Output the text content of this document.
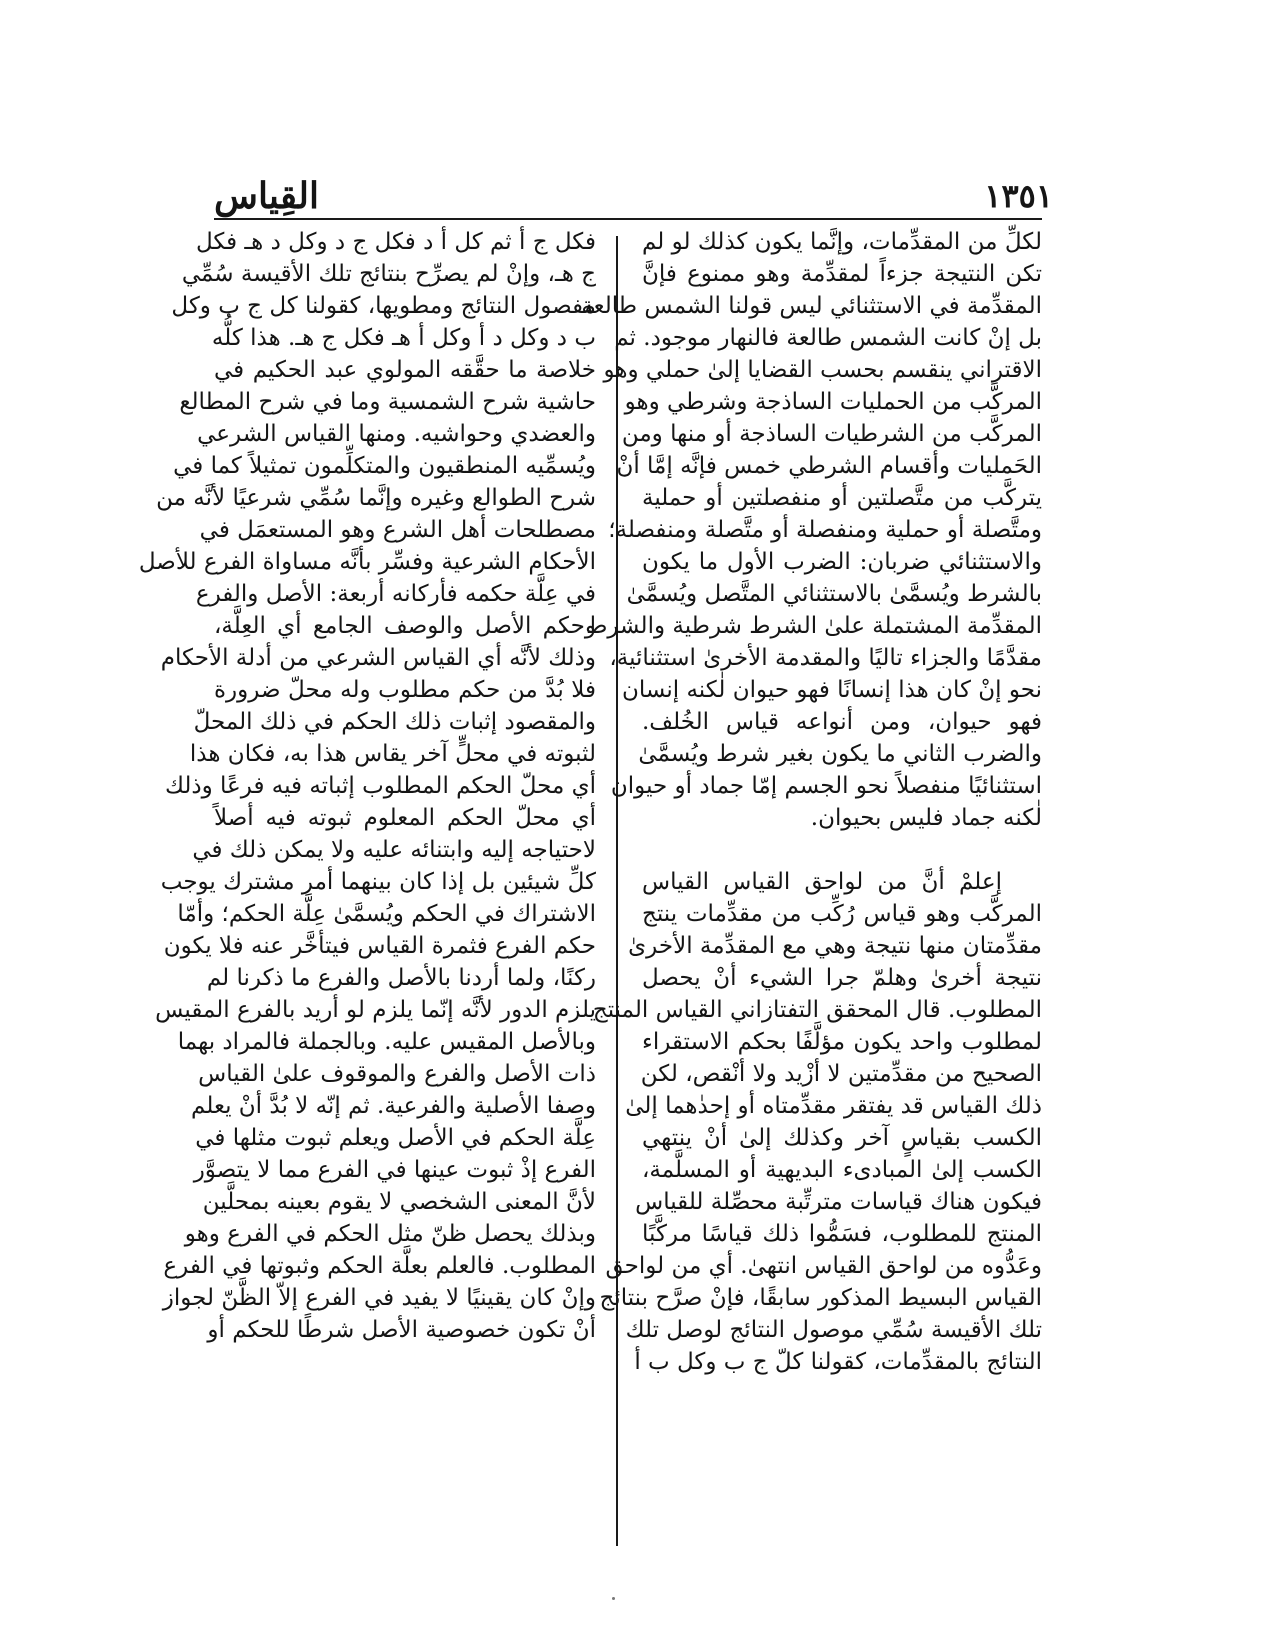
القِياس	١٣٥١
لكلِّ من المقدِّمات، وإنَّما يكون كذلك لو لم
تكن النتيجة جزءاً لمقدِّمة وهو ممنوع فإنَّ
المقدِّمة في الاستثنائي ليس قولنا الشمس طالعة
بل إنْ كانت الشمس طالعة فالنهار موجود. ثم
الاقتراني ينقسم بحسب القضايا إلىٰ حملي وهو
المركَّب من الحمليات الساذجة وشرطي وهو
المركَّب من الشرطيات الساذجة أو منها ومن
الحَمليات وأقسام الشرطي خمس فإنَّه إمَّا أنْ
يتركَّب من متَّصلتين أو منفصلتين أو حملية
ومتَّصلة أو حملية ومنفصلة أو متَّصلة ومنفصلة؛
والاستثنائي ضربان: الضرب الأول ما يكون
بالشرط ويُسمَّىٰ بالاستثنائي المتَّصل ويُسمَّىٰ
المقدِّمة المشتملة علىٰ الشرط شرطية والشرط
مقدَّمًا والجزاء تاليًا والمقدمة الأخرىٰ استثنائية،
نحو إنْ كان هذا إنسانًا فهو حيوان لٰكنه إنسان
فهو حيوان، ومن أنواعه قياس الخُلف.
والضرب الثاني ما يكون بغير شرط ويُسمَّىٰ
استثنائيًا منفصلاً نحو الجسم إمّا جماد أو حيوان
لٰكنه جماد فليس بحيوان.
إعلمْ أنَّ من لواحق القياس القياس
المركَّب وهو قياس رُكِّب من مقدِّمات ينتج
مقدِّمتان منها نتيجة وهي مع المقدِّمة الأخرىٰ
نتيجة أخرىٰ وهلمّ جرا الشيء أنْ يحصل
المطلوب. قال المحقق التفتازاني القياس المنتج
لمطلوب واحد يكون مؤلَّفًا بحكم الاستقراء
الصحيح من مقدِّمتين لا أزْيد ولا أنْقص، لكن
ذلك القياس قد يفتقر مقدِّمتاه أو إحدٰهما إلىٰ
الكسب بقياسٍ آخر وكذلك إلىٰ أنْ ينتهي
الكسب إلىٰ المبادىء البديهية أو المسلَّمة،
فيكون هناك قياسات مترتِّبة محصِّلة للقياس
المنتج للمطلوب، فسَمُّوا ذلك قياسًا مركَّبًا
وعَدُّوه من لواحق القياس انتهىٰ. أي من لواحق
القياس البسيط المذكور سابقًا، فإنْ صرَّح بنتائج
تلك الأقيسة سُمِّي موصول النتائج لوصل تلك
النتائج بالمقدِّمات، كقولنا كلّ ج ب وكل ب أ
فكل ج أ ثم كل أ د فكل ج د وكل د هـ فكل
ج هـ، وإنْ لم يصرِّح بنتائج تلك الأقيسة سُمِّي
مفصول النتائج ومطويها، كقولنا كل ج ب وكل
ب د وكل د أ وكل أ هـ فكل ج هـ. هذا كلُّه
خلاصة ما حقَّقه المولوي عبد الحكيم في
حاشية شرح الشمسية وما في شرح المطالع
والعضدي وحواشيه. ومنها القياس الشرعي
ويُسمِّيه المنطقيون والمتكلِّمون تمثيلاً كما في
شرح الطوالع وغيره وإنَّما سُمِّي شرعيًا لأنَّه من
مصطلحات أهل الشرع وهو المستعمَل في
الأحكام الشرعية وفسِّر بأنَّه مساواة الفرع للأصل
في عِلَّة حكمه فأركانه أربعة: الأصل والفرع
وحكم الأصل والوصف الجامع أي العِلَّة،
وذلك لأنَّه أي القياس الشرعي من أدلة الأحكام
فلا بُدَّ من حكم مطلوب وله محلّ ضرورة
والمقصود إثبات ذلك الحكم في ذلك المحلّ
لثبوته في محلٍّ آخر يقاس هذا به، فكان هذا
أي محلّ الحكم المطلوب إثباته فيه فرعًا وذلك
أي محلّ الحكم المعلوم ثبوته فيه أصلاً
لاحتياجه إليه وابتنائه عليه ولا يمكن ذلك في
كلِّ شيئين بل إذا كان بينهما أمر مشترك يوجب
الاشتراك في الحكم ويُسمَّىٰ عِلَّة الحكم؛ وأمّا
حكم الفرع فثمرة القياس فيتأخَّر عنه فلا يكون
ركنًا، ولما أردنا بالأصل والفرع ما ذكرنا لم
يلزم الدور لأنَّه إنّما يلزم لو أريد بالفرع المقيس
وبالأصل المقيس عليه. وبالجملة فالمراد بهما
ذات الأصل والفرع والموقوف علىٰ القياس
وصفا الأصلية والفرعية. ثم إنّه لا بُدَّ أنْ يعلم
عِلَّة الحكم في الأصل ويعلم ثبوت مثلها في
الفرع إذْ ثبوت عينها في الفرع مما لا يتصوَّر
لأنَّ المعنى الشخصي لا يقوم بعينه بمحلَّين
وبذلك يحصل ظنّ مثل الحكم في الفرع وهو
المطلوب. فالعلم بعلَّة الحكم وثبوتها في الفرع
وإنْ كان يقينيًا لا يفيد في الفرع إلاّ الظَّنّ لجواز
أنْ تكون خصوصية الأصل شرطًا للحكم أو
